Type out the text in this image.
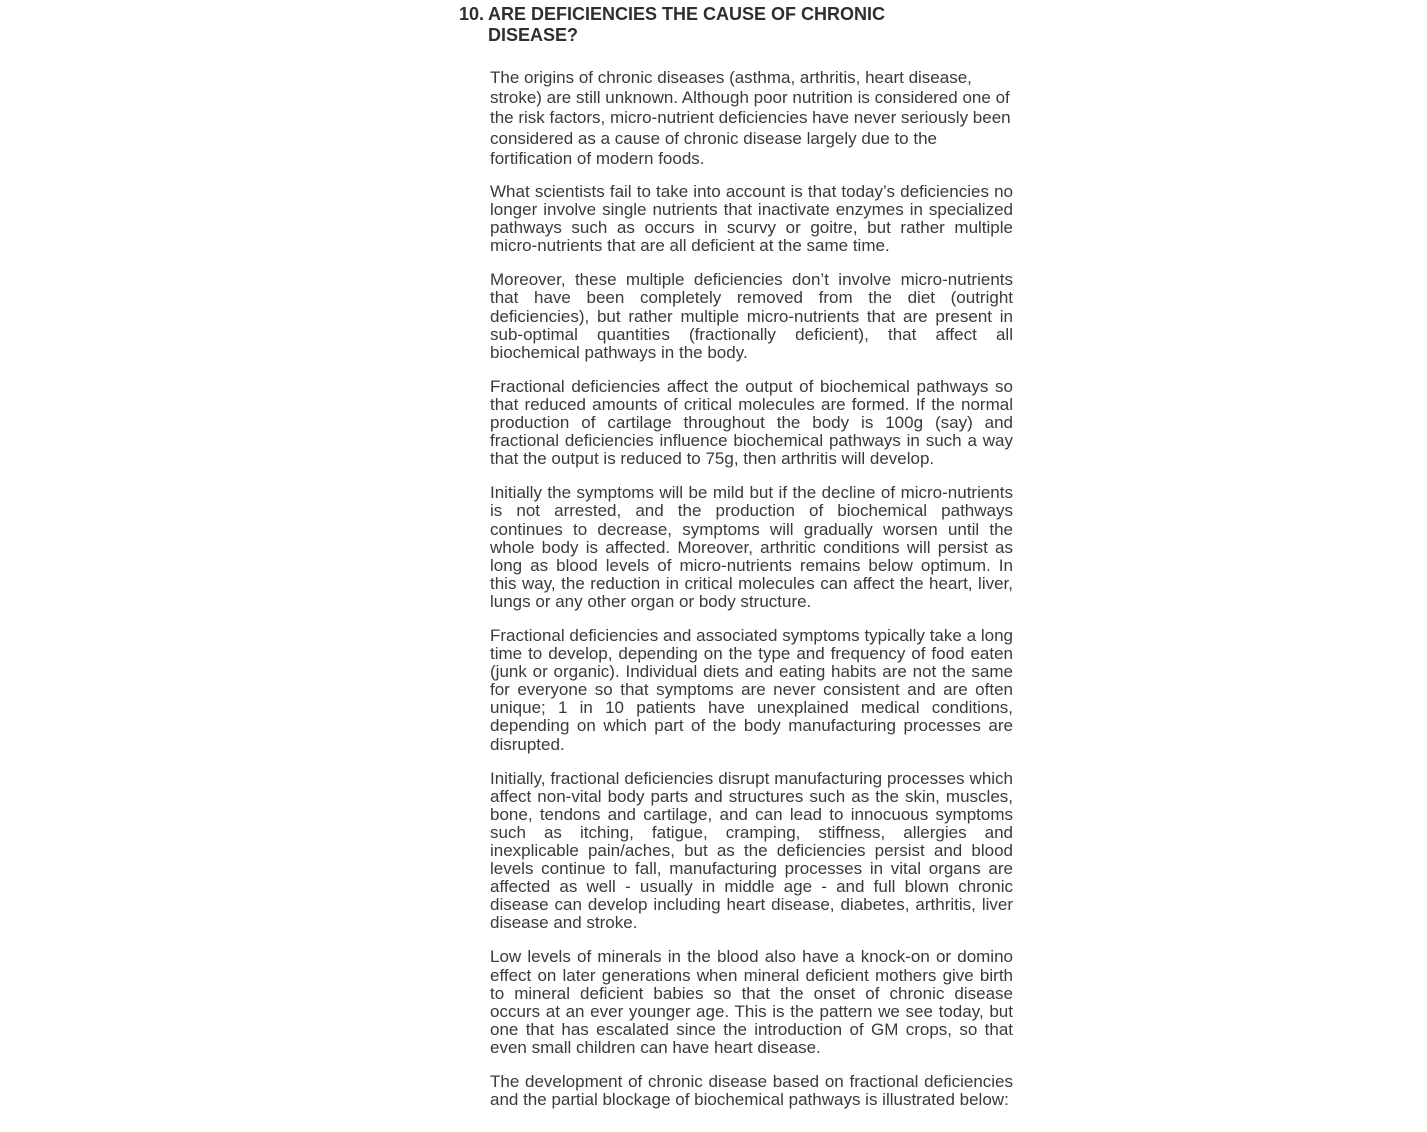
10. ARE DEFICIENCIES THE CAUSE OF CHRONIC DISEASE?

The origins of chronic diseases (asthma, arthritis, heart disease, stroke) are still unknown. Although poor nutrition is considered one of the risk factors, micro-nutrient deficiencies have never seriously been considered as a cause of chronic disease largely due to the fortification of modern foods.

What scientists fail to take into account is that today’s deficiencies no longer involve single nutrients that inactivate enzymes in specialized pathways such as occurs in scurvy or goitre, but rather multiple micro-nutrients that are all deficient at the same time.

Moreover, these multiple deficiencies don’t involve micro-nutrients that have been completely removed from the diet (outright deficiencies), but rather multiple micro-nutrients that are present in sub-optimal quantities (fractionally deficient), that affect all biochemical pathways in the body.

Fractional deficiencies affect the output of biochemical pathways so that reduced amounts of critical molecules are formed. If the normal production of cartilage throughout the body is 100g (say) and fractional deficiencies influence biochemical pathways in such a way that the output is reduced to 75g, then arthritis will develop.

Initially the symptoms will be mild but if the decline of micro-nutrients is not arrested, and the production of biochemical pathways continues to decrease, symptoms will gradually worsen until the whole body is affected. Moreover, arthritic conditions will persist as long as blood levels of micro-nutrients remains below optimum. In this way, the reduction in critical molecules can affect the heart, liver, lungs or any other organ or body structure.

Fractional deficiencies and associated symptoms typically take a long time to develop, depending on the type and frequency of food eaten (junk or organic). Individual diets and eating habits are not the same for everyone so that symptoms are never consistent and are often unique; 1 in 10 patients have unexplained medical conditions, depending on which part of the body manufacturing processes are disrupted.

Initially, fractional deficiencies disrupt manufacturing processes which affect non-vital body parts and structures such as the skin, muscles, bone, tendons and cartilage, and can lead to innocuous symptoms such as itching, fatigue, cramping, stiffness, allergies and inexplicable pain/aches, but as the deficiencies persist and blood levels continue to fall, manufacturing processes in vital organs are affected as well - usually in middle age - and full blown chronic disease can develop including heart disease, diabetes, arthritis, liver disease and stroke.

Low levels of minerals in the blood also have a knock-on or domino effect on later generations when mineral deficient mothers give birth to mineral deficient babies so that the onset of chronic disease occurs at an ever younger age. This is the pattern we see today, but one that has escalated since the introduction of GM crops, so that even small children can have heart disease.

The development of chronic disease based on fractional deficiencies and the partial blockage of biochemical pathways is illustrated below:
